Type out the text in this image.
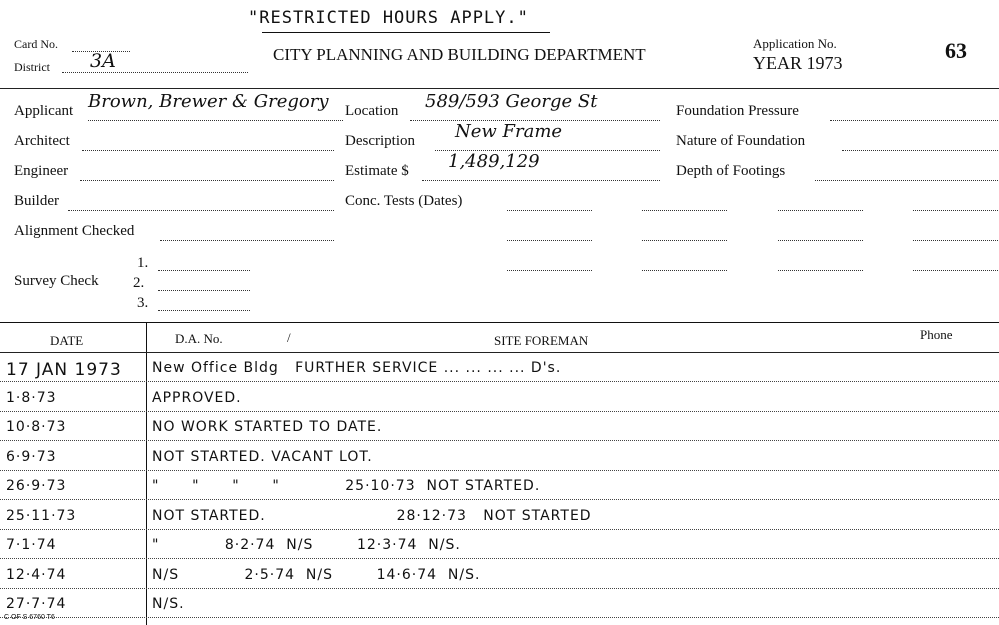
"RESTRICTED HOURS APPLY."
Card No.
District 3A	CITY PLANNING AND BUILDING DEPARTMENT
Application No.
YEAR 1973	63
Applicant Brown, Brewer & Gregory
Architect
Engineer
Builder
Alignment Checked
Survey Check
1.
2.
3.
Location 589/593 George St
Description New Frame
Estimate $ 1,489,129
Conc. Tests (Dates)
Foundation Pressure
Nature of Foundation
Depth of Footings
DATE	D.A. No.	/	SITE FOREMAN	Phone
17 JAN 1973 New Office Bldg   FURTHER SERVICE ... ... ... ... D's.
1·8·73	APPROVED.
10·8·73	NO WORK STARTED TO DATE.
6·9·73	NOT STARTED. VACANT LOT.
26·9·73	"      "      "      "            25·10·73  NOT STARTED.
25·11·73	NOT STARTED.                        28·12·73   NOT STARTED
7·1·74	"            8·2·74  N/S        12·3·74  N/S.
12·4·74	N/S            2·5·74  N/S        14·6·74  N/S.
27·7·74	N/S.
C OF S 6760 T6
